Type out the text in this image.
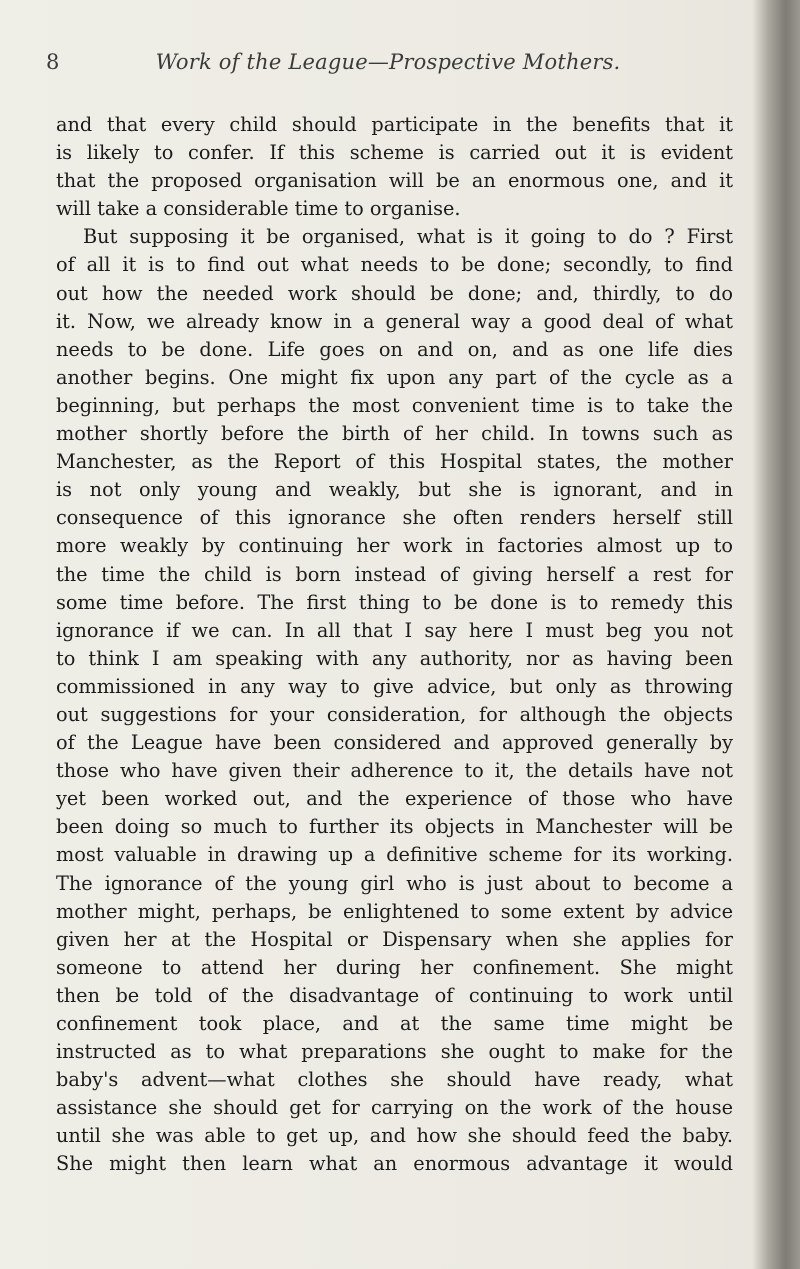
8	Work of the League—Prospective Mothers.
and that every child should participate in the benefits that it
is likely to confer. If this scheme is carried out it is evident
that the proposed organisation will be an enormous one, and it
will take a considerable time to organise.
But supposing it be organised, what is it going to do ? First
of all it is to find out what needs to be done; secondly, to find
out how the needed work should be done; and, thirdly, to do
it. Now, we already know in a general way a good deal of what
needs to be done. Life goes on and on, and as one life dies
another begins. One might fix upon any part of the cycle as a
beginning, but perhaps the most convenient time is to take the
mother shortly before the birth of her child. In towns such as
Manchester, as the Report of this Hospital states, the mother
is not only young and weakly, but she is ignorant, and in
consequence of this ignorance she often renders herself still
more weakly by continuing her work in factories almost up to
the time the child is born instead of giving herself a rest for
some time before. The first thing to be done is to remedy this
ignorance if we can. In all that I say here I must beg you not
to think I am speaking with any authority, nor as having been
commissioned in any way to give advice, but only as throwing
out suggestions for your consideration, for although the objects
of the League have been considered and approved generally by
those who have given their adherence to it, the details have not
yet been worked out, and the experience of those who have
been doing so much to further its objects in Manchester will be
most valuable in drawing up a definitive scheme for its working.
The ignorance of the young girl who is just about to become a
mother might, perhaps, be enlightened to some extent by advice
given her at the Hospital or Dispensary when she applies for
someone to attend her during her confinement. She might
then be told of the disadvantage of continuing to work until
confinement took place, and at the same time might be
instructed as to what preparations she ought to make for the
baby's advent—what clothes she should have ready, what
assistance she should get for carrying on the work of the house
until she was able to get up, and how she should feed the baby.
She might then learn what an enormous advantage it would
